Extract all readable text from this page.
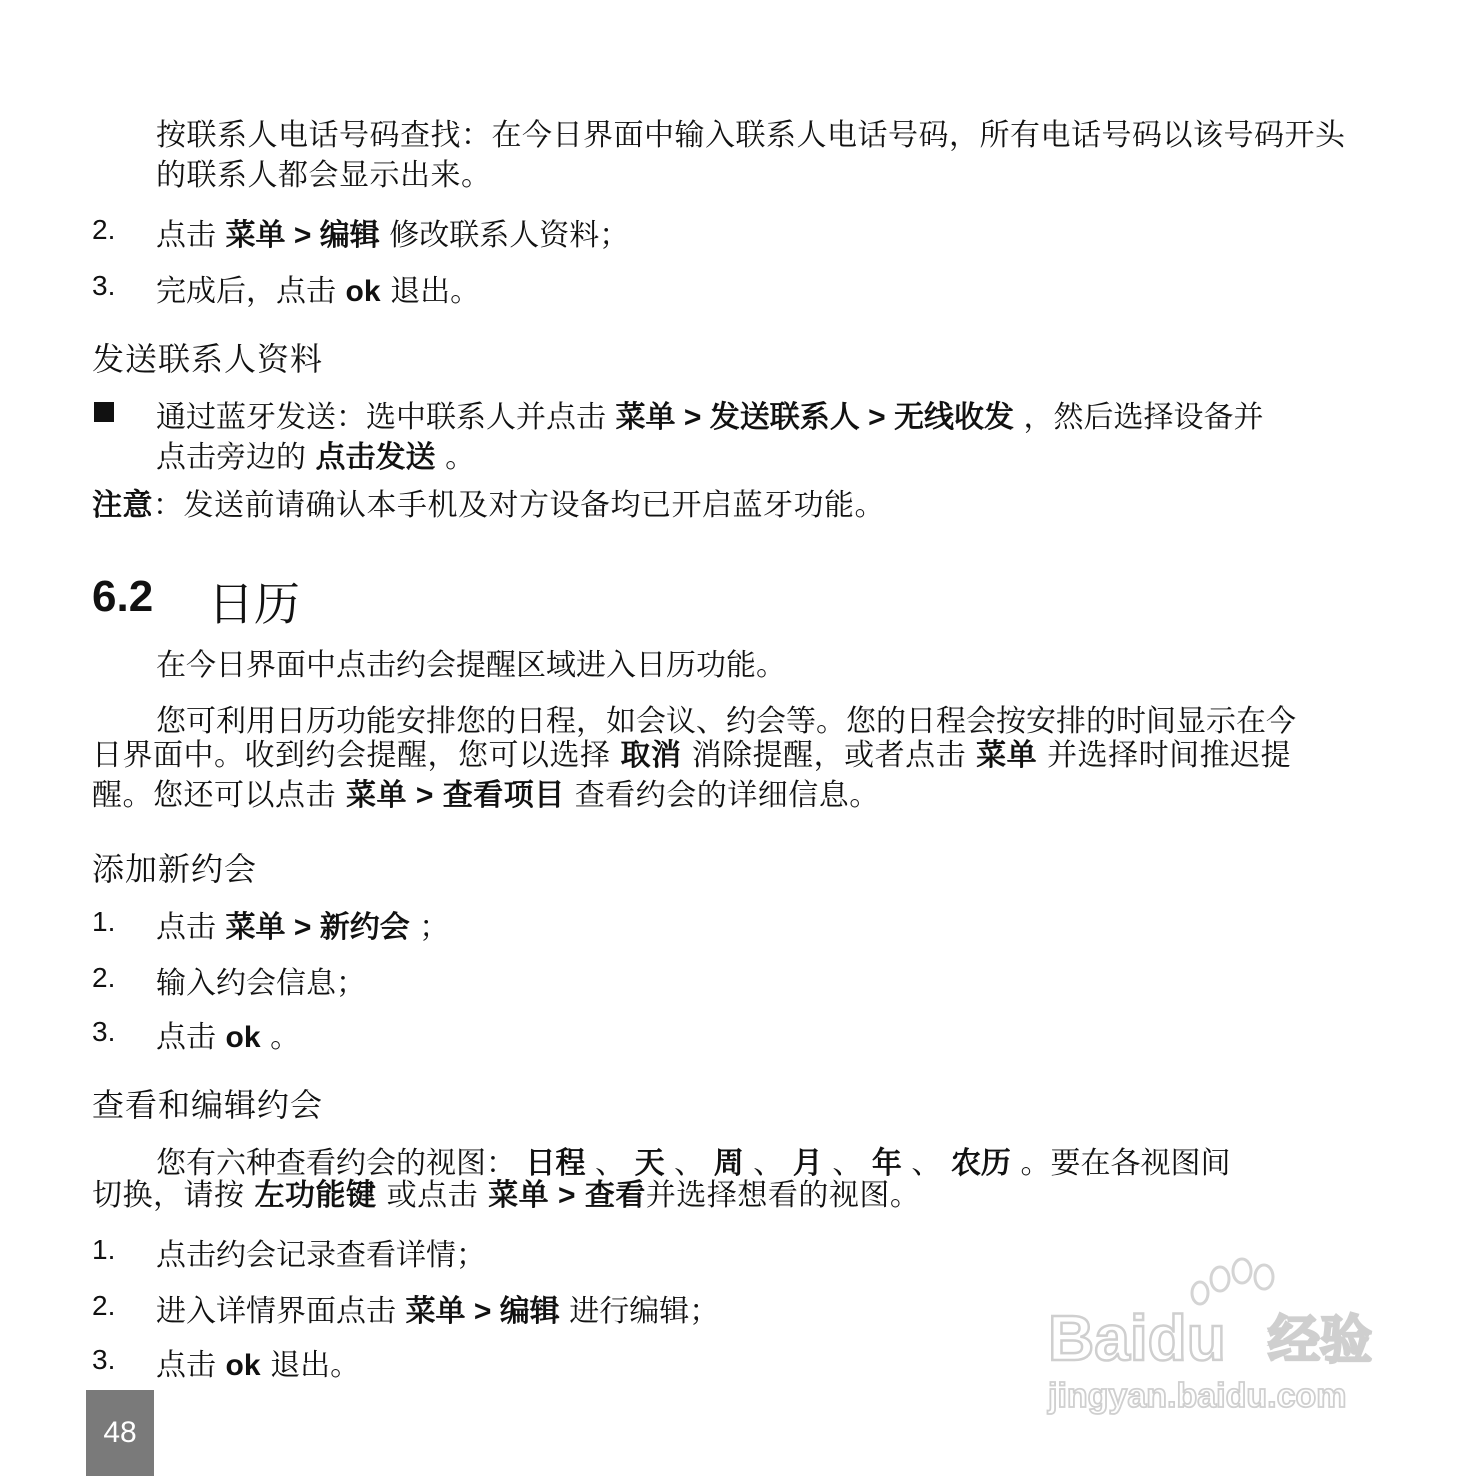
按联系人电话号码查找：在今日界面中输入联系人电话号码，所有电话号码以该号码开头的联系人都会显示出来。
2. 点击 菜单 > 编辑 修改联系人资料；
3. 完成后，点击 ok 退出。
发送联系人资料
通过蓝牙发送：选中联系人并点击 菜单 > 发送联系人 > 无线收发 ，然后选择设备并
点击旁边的 点击发送 。
注意：发送前请确认本手机及对方设备均已开启蓝牙功能。
6.2 日历
在今日界面中点击约会提醒区域进入日历功能。
您可利用日历功能安排您的日程，如会议、约会等。您的日程会按安排的时间显示在今
日界面中。收到约会提醒，您可以选择 取消 消除提醒，或者点击 菜单 并选择时间推迟提
醒。您还可以点击 菜单 > 查看项目 查看约会的详细信息。
添加新约会
1. 点击 菜单 > 新约会 ；
2. 输入约会信息；
3. 点击 ok 。
查看和编辑约会
您有六种查看约会的视图： 日程 、 天 、 周 、 月 、 年 、 农历 。要在各视图间
切换，请按 左功能键 或点击 菜单 > 查看并选择想看的视图。
1. 点击约会记录查看详情；
2. 进入详情界面点击 菜单 > 编辑 进行编辑；
3. 点击 ok 退出。
48
Baidu 经验
jingyan.baidu.com
